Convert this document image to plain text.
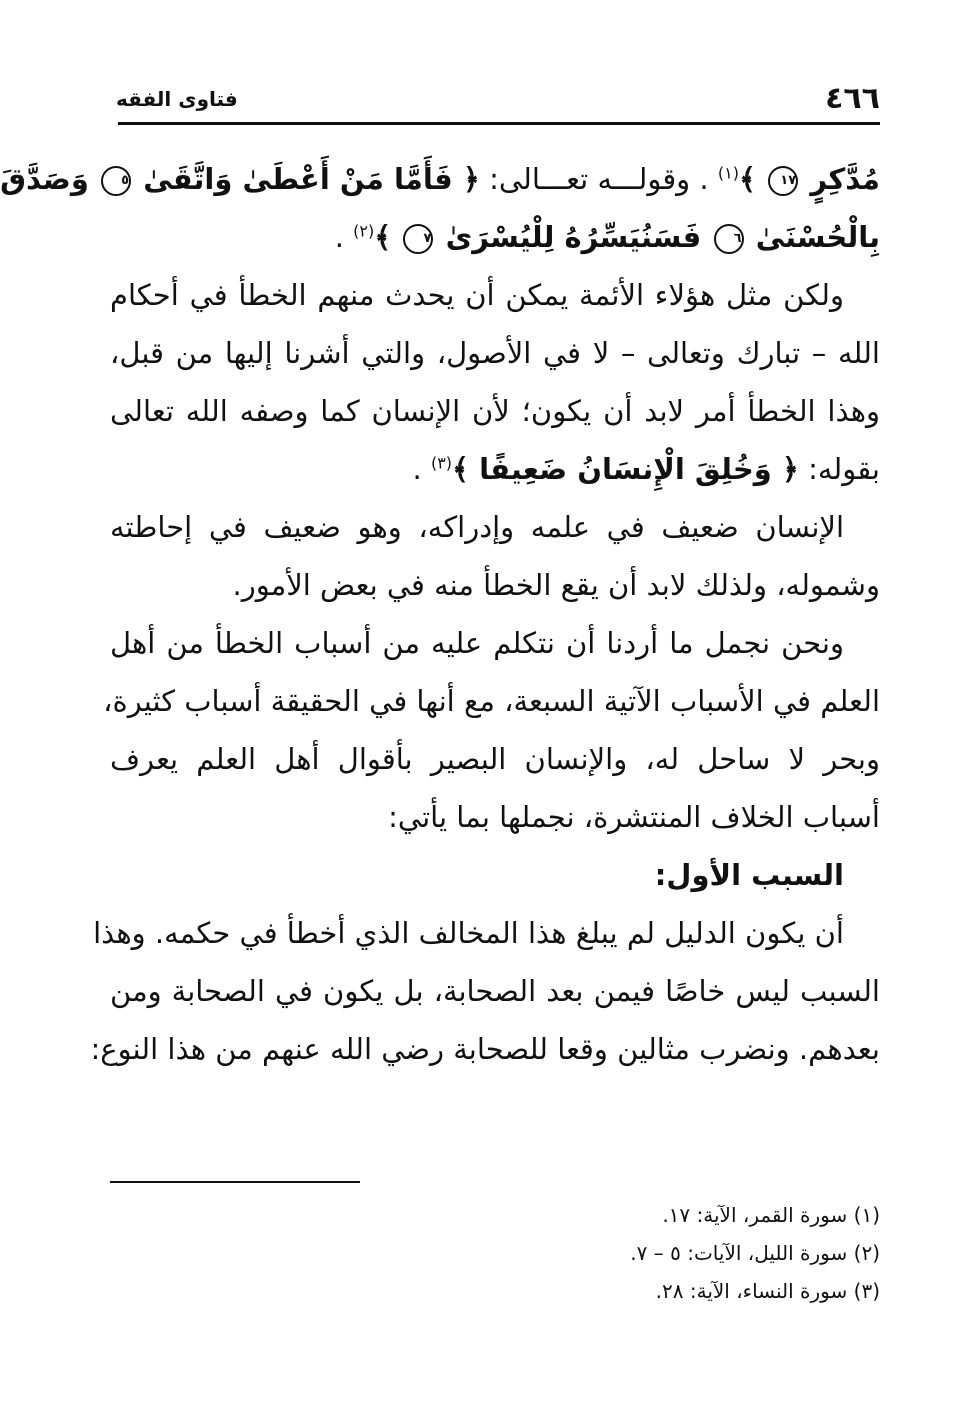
٤٦٦
فتاوى الفقه
مُدَّكِرٍ ١٧ ﴾$^{(١)}$ . وقولـــه تعـــالى: ﴿ فَأَمَّا مَنْ أَعْطَىٰ وَاتَّقَىٰ ٥ وَصَدَّقَ
بِالْحُسْنَىٰ ٦ فَسَنُيَسِّرُهُ لِلْيُسْرَىٰ ٧ ﴾$^{(٢)}$ .
ولكن مثل هؤلاء الأئمة يمكن أن يحدث منهم الخطأ في أحكام
الله – تبارك وتعالى – لا في الأصول، والتي أشرنا إليها من قبل،
وهذا الخطأ أمر لابد أن يكون؛ لأن الإنسان كما وصفه الله تعالى
بقوله: ﴿ وَخُلِقَ الْإِنسَانُ ضَعِيفًا ﴾$^{(٣)}$ .
الإنسان ضعيف في علمه وإدراكه، وهو ضعيف في إحاطته
وشموله، ولذلك لابد أن يقع الخطأ منه في بعض الأمور.
ونحن نجمل ما أردنا أن نتكلم عليه من أسباب الخطأ من أهل
العلم في الأسباب الآتية السبعة، مع أنها في الحقيقة أسباب كثيرة،
وبحر لا ساحل له، والإنسان البصير بأقوال أهل العلم يعرف
أسباب الخلاف المنتشرة، نجملها بما يأتي:
السبب الأول:
أن يكون الدليل لم يبلغ هذا المخالف الذي أخطأ في حكمه. وهذا
السبب ليس خاصًا فيمن بعد الصحابة، بل يكون في الصحابة ومن
بعدهم. ونضرب مثالين وقعا للصحابة رضي الله عنهم من هذا النوع:
(١) سورة القمر، الآية: ١٧.
(٢) سورة الليل، الآيات: ٥ – ٧.
(٣) سورة النساء، الآية: ٢٨.
